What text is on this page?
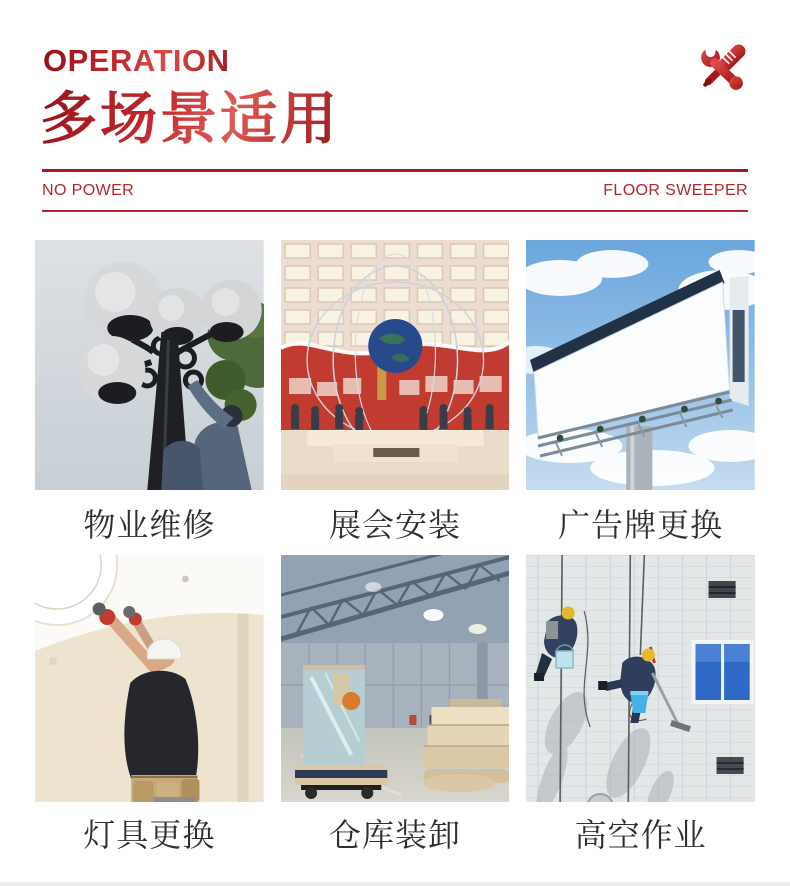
OPERATION
多场景适用
NO POWER	FLOOR SWEEPER
物业维修	展会安装	广告牌更换
灯具更换	仓库装卸	高空作业
